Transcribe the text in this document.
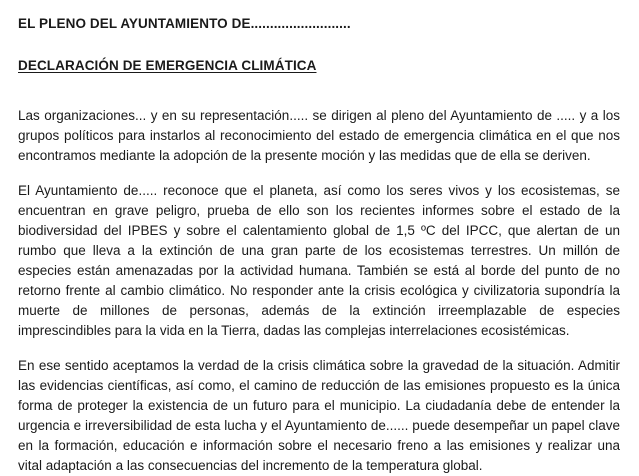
EL PLENO DEL AYUNTAMIENTO DE..........................
DECLARACIÓN DE EMERGENCIA CLIMÁTICA

Las organizaciones... y en su representación..... se dirigen al pleno del Ayuntamiento de ..... y a los grupos políticos para instarlos al reconocimiento del estado de emergencia climática en el que nos encontramos mediante la adopción de la presente moción y las medidas que de ella se deriven.

El Ayuntamiento de..... reconoce que el planeta, así como los seres vivos y los ecosistemas, se encuentran en grave peligro, prueba de ello son los recientes informes sobre el estado de la biodiversidad del IPBES y sobre el calentamiento global de 1,5 ºC del IPCC, que alertan de un rumbo que lleva a la extinción de una gran parte de los ecosistemas terrestres. Un millón de especies están amenazadas por la actividad humana. También se está al borde del punto de no retorno frente al cambio climático. No responder ante la crisis ecológica y civilizatoria supondría la muerte de millones de personas, además de la extinción irreemplazable de especies imprescindibles para la vida en la Tierra, dadas las complejas interrelaciones ecosistémicas.

En ese sentido aceptamos la verdad de la crisis climática sobre la gravedad de la situación. Admitir las evidencias científicas, así como, el camino de reducción de las emisiones propuesto es la única forma de proteger la existencia de un futuro para el municipio. La ciudadanía debe de entender la urgencia e irreversibilidad de esta lucha y el Ayuntamiento de...... puede desempeñar un papel clave en la formación, educación e información sobre el necesario freno a las emisiones y realizar una vital adaptación a las consecuencias del incremento de la temperatura global.
